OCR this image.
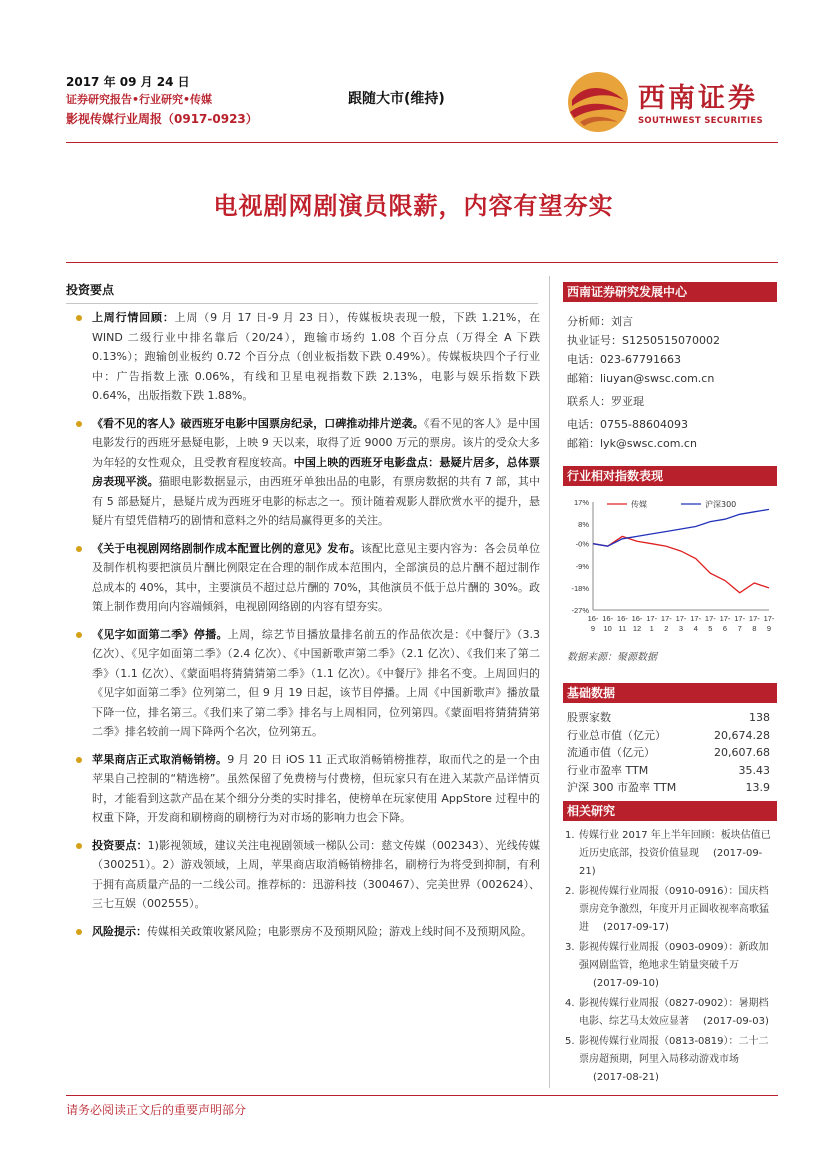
2017 年 09 月 24 日
证券研究报告•行业研究•传媒
影视传媒行业周报（0917-0923）
跟随大市(维持)	西南证券
SOUTHWEST SECURITIES
电视剧网剧演员限薪，内容有望夯实
投资要点
上周行情回顾：上周（9 月 17 日-9 月 23 日），传媒板块表现一般，下跌 1.21%，在 WIND 二级行业中排名靠后（20/24），跑输市场约 1.08 个百分点（万得全 A 下跌 0.13%）；跑输创业板约 0.72 个百分点（创业板指数下跌 0.49%）。传媒板块四个子行业中：广告指数上涨 0.06%，有线和卫星电视指数下跌 2.13%，电影与娱乐指数下跌 0.64%，出版指数下跌 1.88%。
《看不见的客人》破西班牙电影中国票房纪录，口碑推动排片逆袭。《看不见的客人》是中国电影发行的西班牙悬疑电影，上映 9 天以来，取得了近 9000 万元的票房。该片的受众大多为年轻的女性观众，且受教育程度较高。中国上映的西班牙电影盘点：悬疑片居多，总体票房表现平淡。猫眼电影数据显示，由西班牙单独出品的电影，有票房数据的共有 7 部，其中有 5 部悬疑片，悬疑片成为西班牙电影的标志之一。预计随着观影人群欣赏水平的提升，悬疑片有望凭借精巧的剧情和意料之外的结局赢得更多的关注。
《关于电视剧网络剧制作成本配置比例的意见》发布。该配比意见主要内容为：各会员单位及制作机构要把演员片酬比例限定在合理的制作成本范围内，全部演员的总片酬不超过制作总成本的 40%，其中，主要演员不超过总片酬的 70%，其他演员不低于总片酬的 30%。政策上制作费用向内容端倾斜，电视剧网络剧的内容有望夯实。
《见字如面第二季》停播。上周，综艺节目播放量排名前五的作品依次是：《中餐厅》（3.3 亿次）、《见字如面第二季》（2.4 亿次）、《中国新歌声第二季》（2.1 亿次）、《我们来了第二季》（1.1 亿次）、《蒙面唱将猜猜猜第二季》（1.1 亿次）。《中餐厅》排名不变。上周回归的《见字如面第二季》位列第二，但 9 月 19 日起，该节目停播。上周《中国新歌声》播放量下降一位，排名第三。《我们来了第二季》排名与上周相同，位列第四。《蒙面唱将猜猜猜第二季》排名较前一周下降两个名次，位列第五。
苹果商店正式取消畅销榜。9 月 20 日 iOS 11 正式取消畅销榜推荐，取而代之的是一个由苹果自己控制的“精选榜”。虽然保留了免费榜与付费榜，但玩家只有在进入某款产品详情页时，才能看到这款产品在某个细分分类的实时排名，使榜单在玩家使用 AppStore 过程中的权重下降，开发商和刷榜商的刷榜行为对市场的影响力也会下降。
投资要点：1)影视领域，建议关注电视剧领域一梯队公司：慈文传媒（002343）、光线传媒（300251）。2）游戏领域，上周，苹果商店取消畅销榜排名，刷榜行为将受到抑制，有利于拥有高质量产品的一二线公司。推荐标的：迅游科技（300467）、完美世界（002624）、三七互娱（002555）。
风险提示：传媒相关政策收紧风险；电影票房不及预期风险；游戏上线时间不及预期风险。
西南证券研究发展中心
分析师：刘言
执业证号：S1250515070002
电话：023-67791663
邮箱：liuyan@swsc.com.cn
联系人：罗亚琨
电话：0755-88604093
邮箱：lyk@swsc.com.cn
行业相对指数表现
17%
8%
-0%
-9%
-18%
-27%
16-
9
16-
10
16-
11
16-
12
17-
1
17-
2
17-
3
17-
4
17-
5
17-
6
17-
7
17-
8
17-
9
传媒	沪深300
数据来源：聚源数据
基础数据
股票家数	138
行业总市值（亿元）	20,674.28
流通市值（亿元）	20,607.68
行业市盈率 TTM	35.43
沪深 300 市盈率 TTM	13.9
相关研究
1. 传媒行业 2017 年上半年回顾：板块估值已近历史底部，投资价值显现 (2017-09-21)
2. 影视传媒行业周报（0910-0916）：国庆档票房竞争激烈，年度开月正圆收视率高歌猛进 (2017-09-17)
3. 影视传媒行业周报（0903-0909）：新政加强网剧监管，绝地求生销量突破千万(2017-09-10)
4. 影视传媒行业周报（0827-0902）：暑期档电影、综艺马太效应显著 (2017-09-03)
5. 影视传媒行业周报（0813-0819）：二十二票房超预期，阿里入局移动游戏市场(2017-08-21)
请务必阅读正文后的重要声明部分
